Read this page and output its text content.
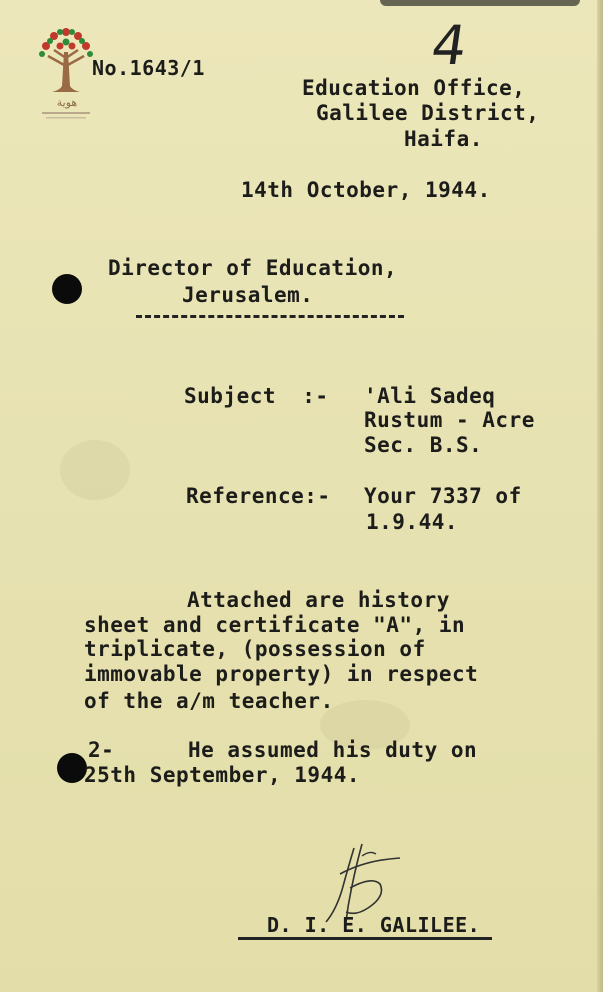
هوية
No.1643/1	4
Education Office,
Galilee District,
Haifa.
14th October, 1944.
Director of Education,
Jerusalem.
Subject  :- 'Ali Sadeq
Rustum - Acre
Sec. B.S.
Reference:- Your 7337 of
1.9.44.
Attached are history
sheet and certificate "A", in
triplicate, (possession of
immovable property) in respect
of the a/m teacher.
2-	He assumed his duty on
25th September, 1944.
D. I. E. GALILEE.
